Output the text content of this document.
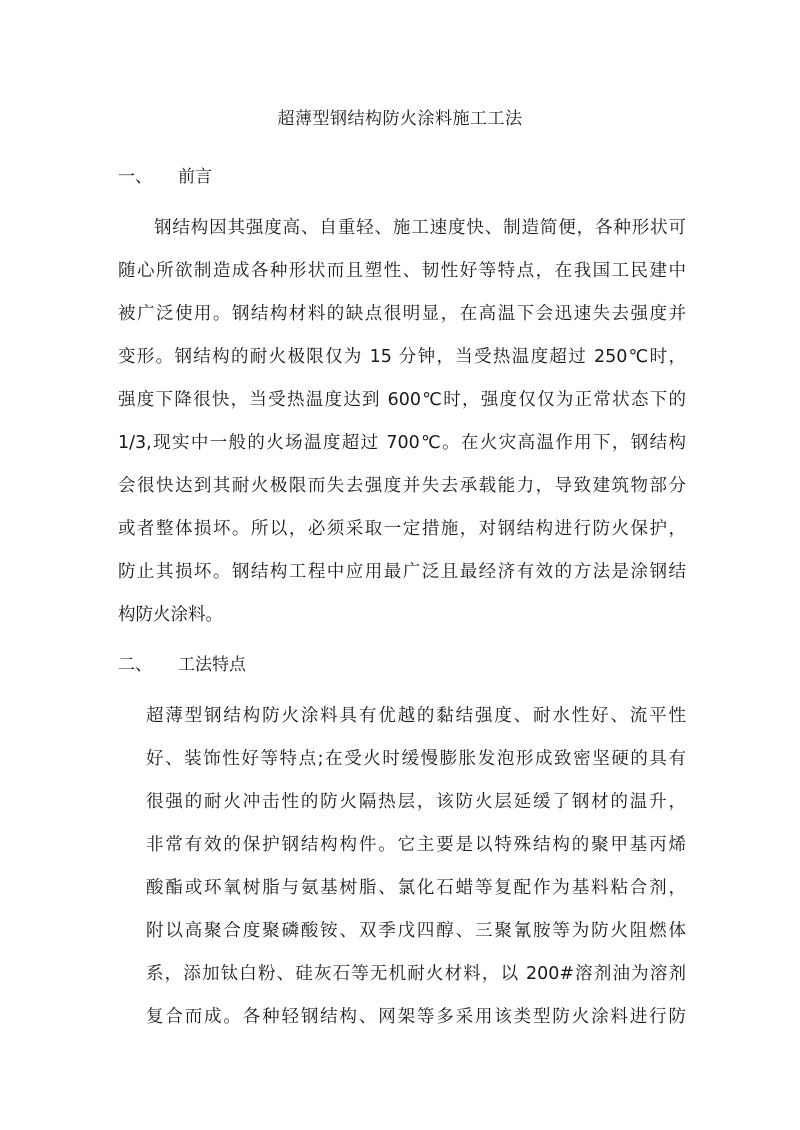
超薄型钢结构防火涂料施工工法
一、 前言
钢结构因其强度高、自重轻、施工速度快、制造简便，各种形状可
随心所欲制造成各种形状而且塑性、韧性好等特点，在我国工民建中
被广泛使用。钢结构材料的缺点很明显，在高温下会迅速失去强度并
变形。钢结构的耐火极限仅为 15 分钟，当受热温度超过 250℃时，
强度下降很快，当受热温度达到 600℃时，强度仅仅为正常状态下的
1/3,现实中一般的火场温度超过 700℃。在火灾高温作用下，钢结构
会很快达到其耐火极限而失去强度并失去承载能力，导致建筑物部分
或者整体损坏。所以，必须采取一定措施，对钢结构进行防火保护，
防止其损坏。钢结构工程中应用最广泛且最经济有效的方法是涂钢结
构防火涂料。
二、 工法特点
超薄型钢结构防火涂料具有优越的黏结强度、耐水性好、流平性
好、装饰性好等特点;在受火时缓慢膨胀发泡形成致密坚硬的具有
很强的耐火冲击性的防火隔热层，该防火层延缓了钢材的温升，
非常有效的保护钢结构构件。它主要是以特殊结构的聚甲基丙烯
酸酯或环氧树脂与氨基树脂、氯化石蜡等复配作为基料粘合剂，
附以高聚合度聚磷酸铵、双季戊四醇、三聚氰胺等为防火阻燃体
系，添加钛白粉、硅灰石等无机耐火材料，以 200#溶剂油为溶剂
复合而成。各种轻钢结构、网架等多采用该类型防火涂料进行防
